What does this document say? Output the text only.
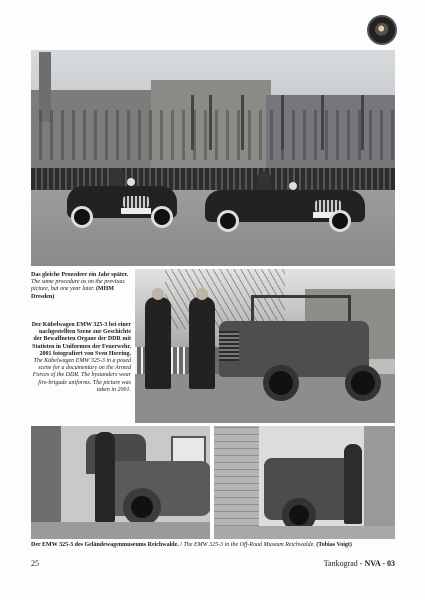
Das gleiche Prozedere ein Jahr später. The same procedure as on the previous picture, but one year later. (MHM Dresden)

Der Kübelwagen EMW 325-3 bei einer nachgestellten Szene zur Geschichte der Bewaffneten Organe der DDR mit Statisten in Uniformen der Feuerwehr. 2001 fotografiert von Sven Heering. The Kübelwagen EMW 325-3 in a posed scene for a documentary on the Armed Forces of the DDR. The bystanders wear fire-brigade uniforms. The picture was taken in 2001.

Der EMW 325-3 des Geländewagenmuseums Reichwalde. / The EMW 325-3 in the Off-Road Museum Reichwalde. (Tobias Voigt)

25	Tankograd - NVA - 03
